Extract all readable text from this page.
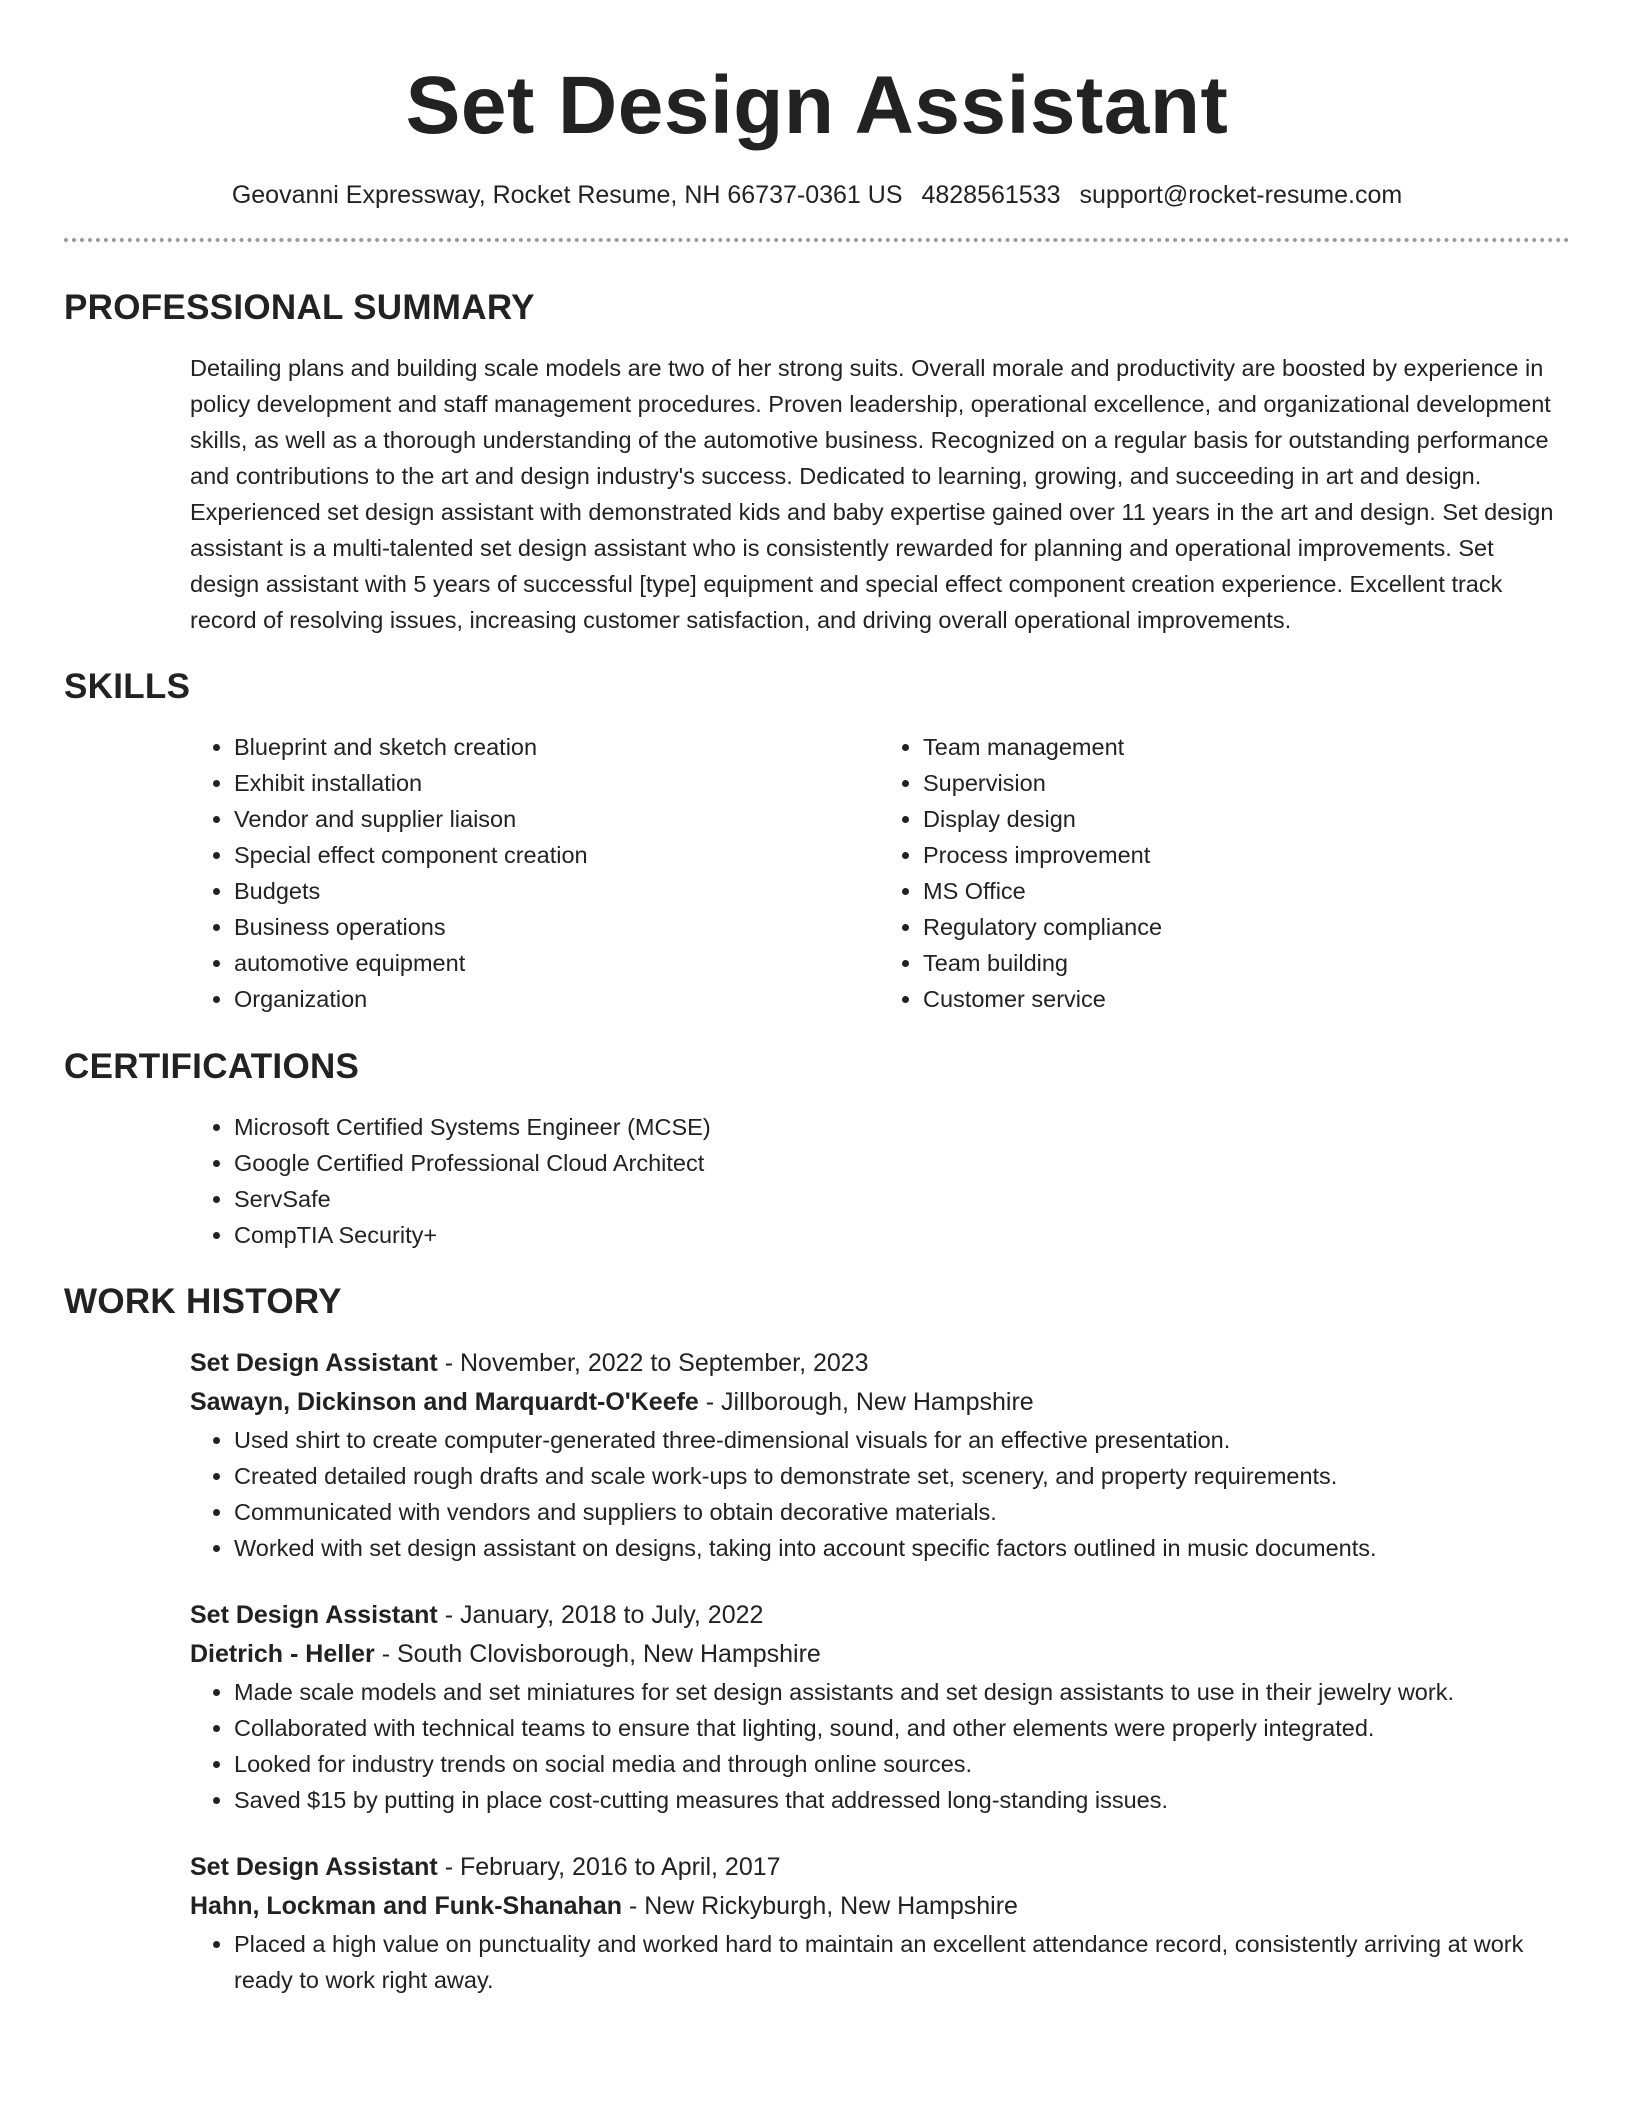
Set Design Assistant
Geovanni Expressway, Rocket Resume, NH 66737-0361 US 4828561533 support@rocket-resume.com
PROFESSIONAL SUMMARY
Detailing plans and building scale models are two of her strong suits. Overall morale and productivity are boosted by experience in policy development and staff management procedures. Proven leadership, operational excellence, and organizational development skills, as well as a thorough understanding of the automotive business. Recognized on a regular basis for outstanding performance and contributions to the art and design industry's success. Dedicated to learning, growing, and succeeding in art and design. Experienced set design assistant with demonstrated kids and baby expertise gained over 11 years in the art and design. Set design assistant is a multi-talented set design assistant who is consistently rewarded for planning and operational improvements. Set design assistant with 5 years of successful [type] equipment and special effect component creation experience. Excellent track record of resolving issues, increasing customer satisfaction, and driving overall operational improvements.
SKILLS
• Blueprint and sketch creation
• Exhibit installation
• Vendor and supplier liaison
• Special effect component creation
• Budgets
• Business operations
• automotive equipment
• Organization
• Team management
• Supervision
• Display design
• Process improvement
• MS Office
• Regulatory compliance
• Team building
• Customer service
CERTIFICATIONS
• Microsoft Certified Systems Engineer (MCSE)
• Google Certified Professional Cloud Architect
• ServSafe
• CompTIA Security+
WORK HISTORY
Set Design Assistant - November, 2022 to September, 2023
Sawayn, Dickinson and Marquardt-O'Keefe - Jillborough, New Hampshire
• Used shirt to create computer-generated three-dimensional visuals for an effective presentation.
• Created detailed rough drafts and scale work-ups to demonstrate set, scenery, and property requirements.
• Communicated with vendors and suppliers to obtain decorative materials.
• Worked with set design assistant on designs, taking into account specific factors outlined in music documents.
Set Design Assistant - January, 2018 to July, 2022
Dietrich - Heller - South Clovisborough, New Hampshire
• Made scale models and set miniatures for set design assistants and set design assistants to use in their jewelry work.
• Collaborated with technical teams to ensure that lighting, sound, and other elements were properly integrated.
• Looked for industry trends on social media and through online sources.
• Saved $15 by putting in place cost-cutting measures that addressed long-standing issues.
Set Design Assistant - February, 2016 to April, 2017
Hahn, Lockman and Funk-Shanahan - New Rickyburgh, New Hampshire
• Placed a high value on punctuality and worked hard to maintain an excellent attendance record, consistently arriving at work ready to work right away.
